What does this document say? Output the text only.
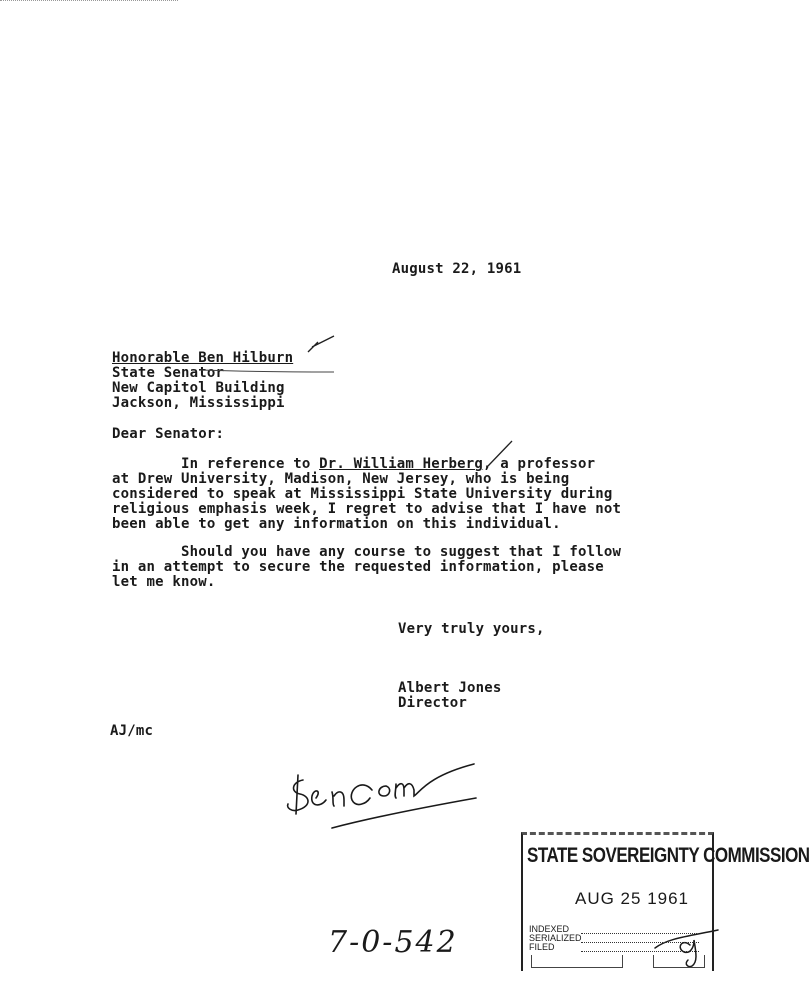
August 22, 1961
Honorable Ben Hilburn
State Senator
New Capitol Building
Jackson, Mississippi
Dear Senator:
In reference to Dr. William Herberg, a professor
at Drew University, Madison, New Jersey, who is being
considered to speak at Mississippi State University during
religious emphasis week, I regret to advise that I have not
been able to get any information on this individual.
Should you have any course to suggest that I follow
in an attempt to secure the requested information, please
let me know.
Very truly yours,
Albert Jones
Director
AJ/mc
STATE SOVEREIGNTY COMMISSION
AUG 25 1961
INDEXED
SERIALIZED
FILED
7-0-542
